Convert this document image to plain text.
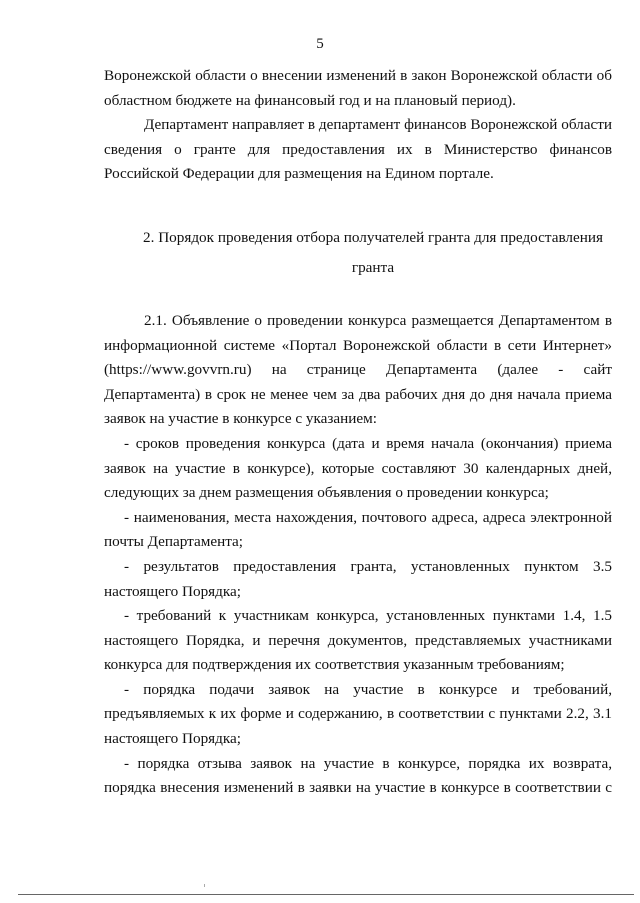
5

Воронежской области о внесении изменений в закон Воронежской области об областном бюджете на финансовый год и на плановый период).

Департамент направляет в департамент финансов Воронежской области сведения о гранте для предоставления их в Министерство финансов Российской Федерации для размещения на Едином портале.

2. Порядок проведения отбора получателей гранта для предоставления гранта

2.1. Объявление о проведении конкурса размещается Департаментом в информационной системе «Портал Воронежской области в сети Интернет» (https://www.govvrn.ru) на странице Департамента (далее - сайт Департамента) в срок не менее чем за два рабочих дня до дня начала приема заявок на участие в конкурсе с указанием:

- сроков проведения конкурса (дата и время начала (окончания) приема заявок на участие в конкурсе), которые составляют 30 календарных дней, следующих за днем размещения объявления о проведении конкурса;

- наименования, места нахождения, почтового адреса, адреса электронной почты Департамента;

- результатов предоставления гранта, установленных пунктом 3.5 настоящего Порядка;

- требований к участникам конкурса, установленных пунктами 1.4, 1.5 настоящего Порядка, и перечня документов, представляемых участниками конкурса для подтверждения их соответствия указанным требованиям;

- порядка подачи заявок на участие в конкурсе и требований, предъявляемых к их форме и содержанию, в соответствии с пунктами 2.2, 3.1 настоящего Порядка;

- порядка отзыва заявок на участие в конкурсе, порядка их возврата, порядка внесения изменений в заявки на участие в конкурсе в соответствии с
